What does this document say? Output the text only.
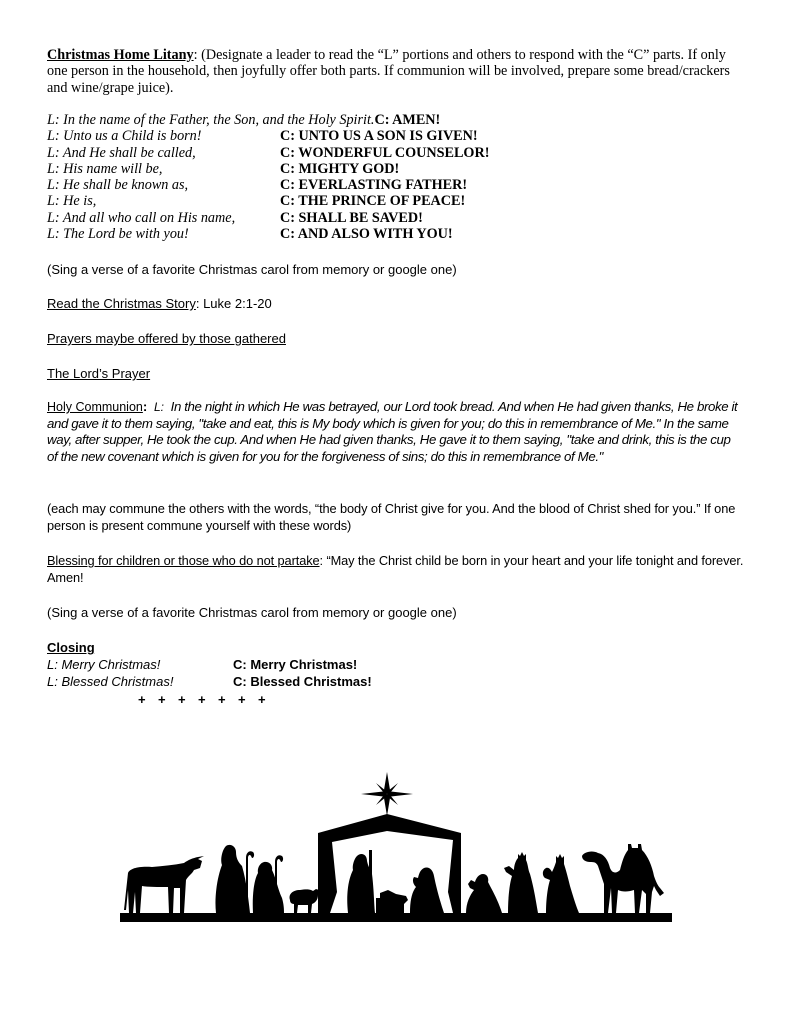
Christmas Home Litany: (Designate a leader to read the “L” portions and others to respond with the “C” parts. If only one person in the household, then joyfully offer both parts. If communion will be involved, prepare some bread/crackers and wine/grape juice).
L: In the name of the Father, the Son, and the Holy Spirit. C: AMEN!
L: Unto us a Child is born!	C: UNTO US A SON IS GIVEN!
L: And He shall be called,	C: WONDERFUL COUNSELOR!
L: His name will be,	C: MIGHTY GOD!
L: He shall be known as,	C: EVERLASTING FATHER!
L: He is,	C: THE PRINCE OF PEACE!
L: And all who call on His name,	C: SHALL BE SAVED!
L: The Lord be with you!	C: AND ALSO WITH YOU!
(Sing a verse of a favorite Christmas carol from memory or google one)
Read the Christmas Story: Luke 2:1-20
Prayers maybe offered by those gathered
The Lord’s Prayer
Holy Communion:  L:  In the night in which He was betrayed, our Lord took bread. And when He had given thanks, He broke it and gave it to them saying, "take and eat, this is My body which is given for you; do this in remembrance of Me." In the same way, after supper, He took the cup. And when He had given thanks, He gave it to them saying, "take and drink, this is the cup of the new covenant which is given for you for the forgiveness of sins; do this in remembrance of Me."
(each may commune the others with the words, “the body of Christ give for you. And the blood of Christ shed for you.” If one person is present commune yourself with these words)
Blessing for children or those who do not partake: “May the Christ child be born in your heart and your life tonight and forever. Amen!
(Sing a verse of a favorite Christmas carol from memory or google one)
Closing
L: Merry Christmas!	C: Merry Christmas!
L: Blessed Christmas!	C: Blessed Christmas!
+ + + + + + +
